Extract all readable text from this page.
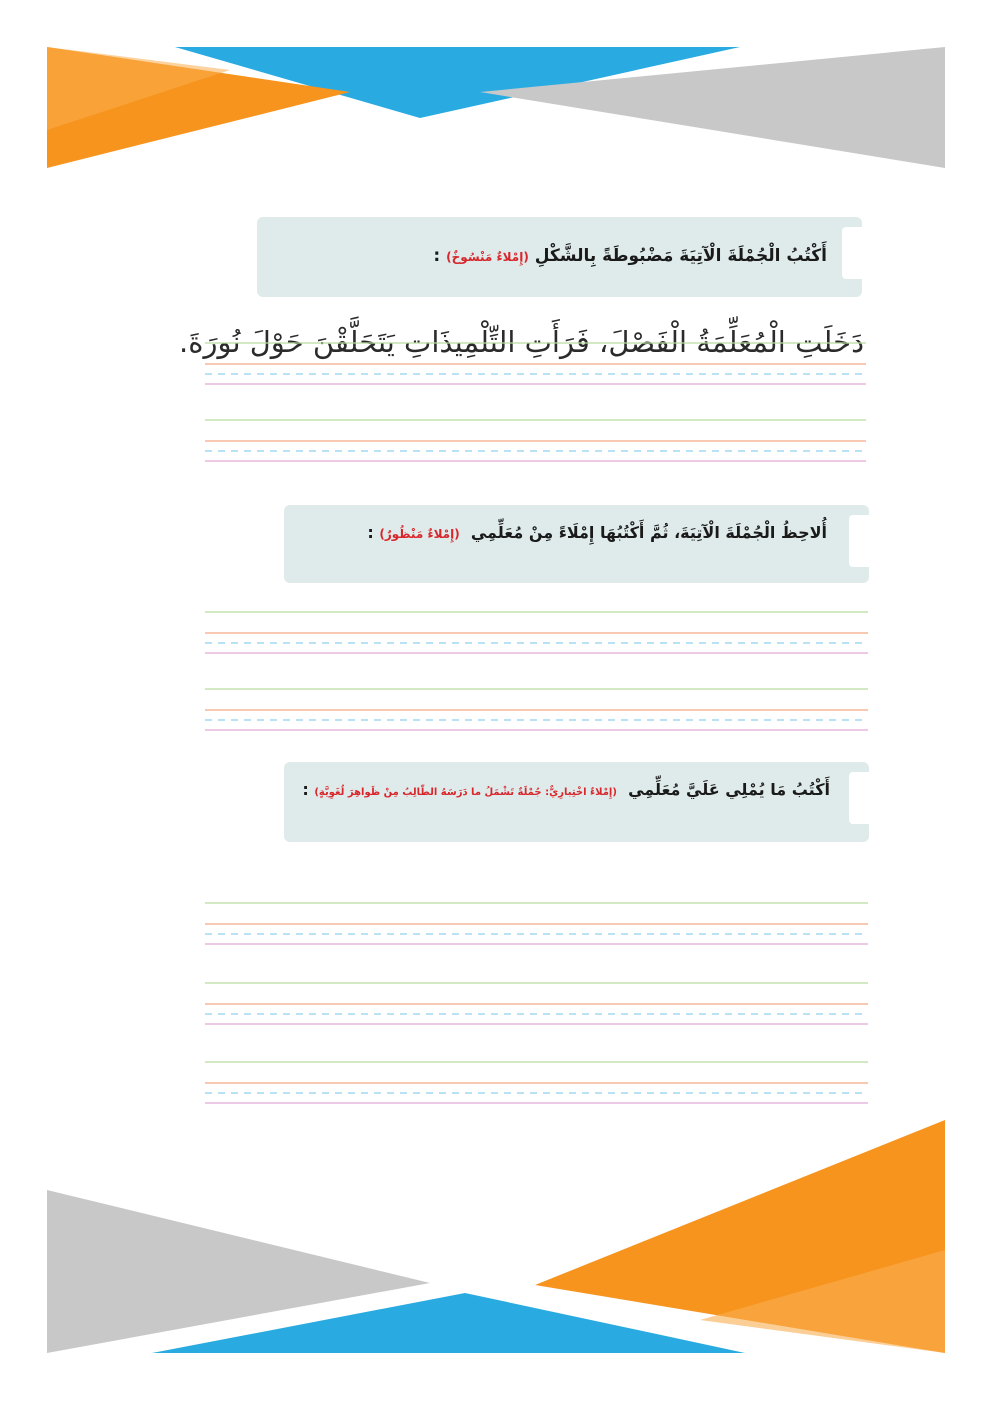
أَكْتُبُ الْجُمْلَةَ الْآتِيَةَ مَضْبُوطَةً بِالشَّكْلِ (إِمْلاءٌ مَنْسُوخٌ) :
دَخَلَتِ الْمُعَلِّمَةُ الْفَصْلَ، فَرَأَتِ التِّلْمِيذَاتِ يَتَحَلَّقْنَ حَوْلَ نُورَةَ.
أُلاحِظُ الْجُمْلَةَ الْآتِيَةَ، ثُمَّ أَكْتُبُهَا إِمْلَاءً مِنْ مُعَلِّمِي  (إِمْلاءٌ مَنْظُورٌ) :
أَكْتُبُ مَا يُمْلِي عَلَيَّ مُعَلِّمِي  (إِمْلاءٌ اخْتِبارِيٌّ: جُمْلَةٌ تَشْمَلُ ما دَرَسَهُ الطّالِبُ مِنْ ظَواهِرَ لُغَوِيَّةٍ) :
